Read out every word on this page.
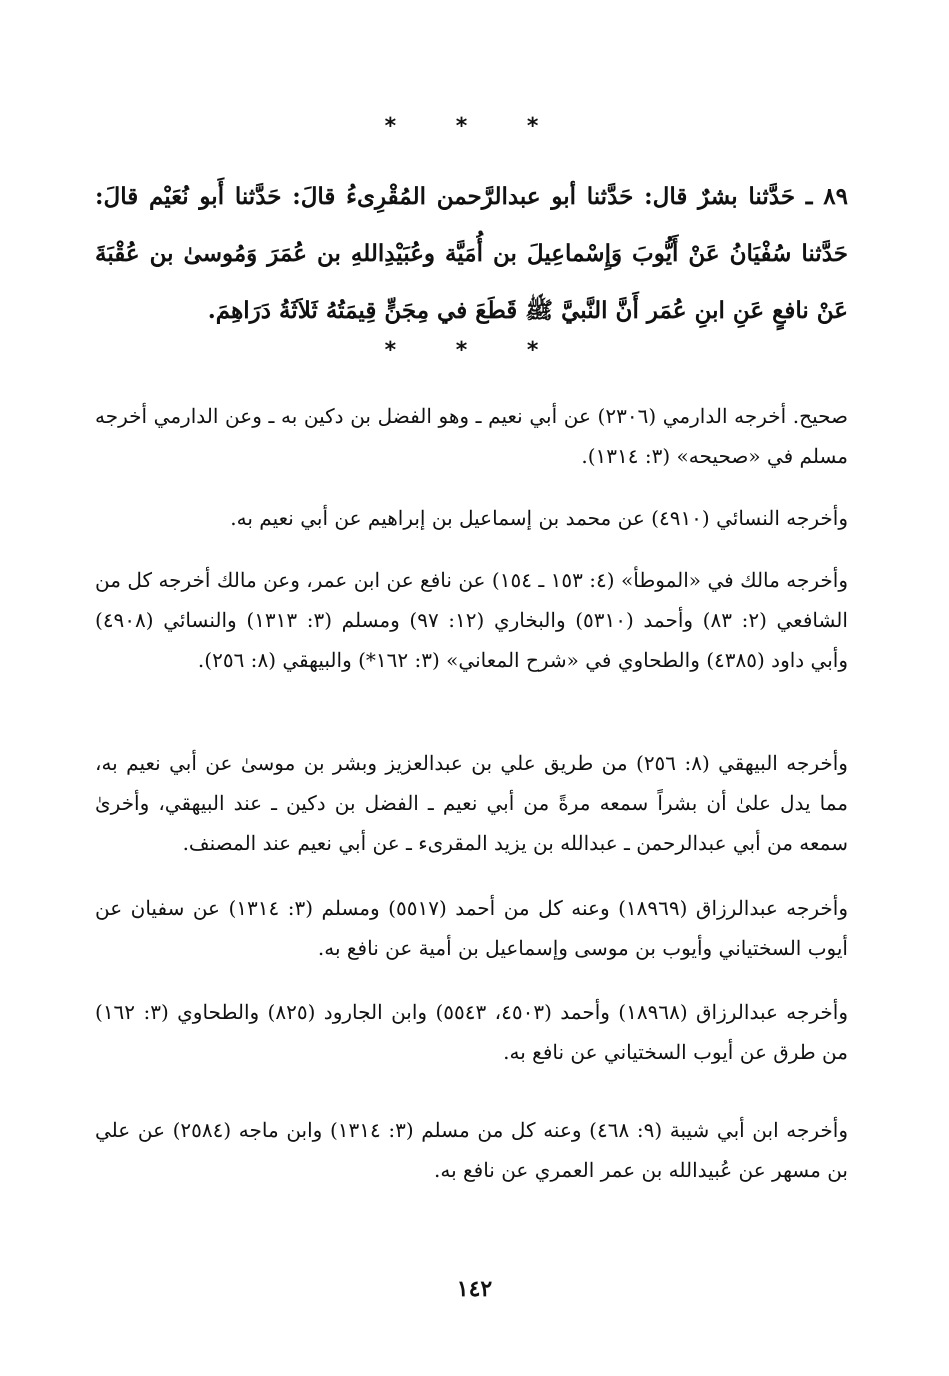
* * *
٨٩ ـ حَدَّثنا بشرٌ قال: حَدَّثنا أبو عبدالرَّحمن المُقْرِىءُ قالَ: حَدَّثنا أَبو نُعَيْم قالَ: حَدَّثنا سُفْيَانُ عَنْ أَيُّوبَ وَإِسْماعِيلَ بن أُمَيَّة وعُبَيْدِاللهِ بن عُمَرَ وَمُوسىٰ بن عُقْبَةَ عَنْ نافعٍ عَنِ ابنِ عُمَر أَنَّ النَّبيَّ ﷺ قَطَعَ في مِجَنٍّ قِيمَتُهُ ثَلاَثَةُ دَرَاهِمَ.
* * *
صحيح. أخرجه الدارمي (٢٣٠٦) عن أبي نعيم ـ وهو الفضل بن دكين به ـ وعن الدارمي أخرجه مسلم في «صحيحه» (٣: ١٣١٤).
وأخرجه النسائي (٤٩١٠) عن محمد بن إسماعيل بن إبراهيم عن أبي نعيم به.
وأخرجه مالك في «الموطأ» (٤: ١٥٣ ـ ١٥٤) عن نافع عن ابن عمر، وعن مالك أخرجه كل من الشافعي (٢: ٨٣) وأحمد (٥٣١٠) والبخاري (١٢: ٩٧) ومسلم (٣: ١٣١٣) والنسائي (٤٩٠٨) وأبي داود (٤٣٨٥) والطحاوي في «شرح المعاني» (٣: ١٦٢*) والبيهقي (٨: ٢٥٦).
وأخرجه البيهقي (٨: ٢٥٦) من طريق علي بن عبدالعزيز وبشر بن موسىٰ عن أبي نعيم به، مما يدل علىٰ أن بشراً سمعه مرةً من أبي نعيم ـ الفضل بن دكين ـ عند البيهقي، وأخرىٰ سمعه من أبي عبدالرحمن ـ عبدالله بن يزيد المقرىء ـ عن أبي نعيم عند المصنف.
وأخرجه عبدالرزاق (١٨٩٦٩) وعنه كل من أحمد (٥٥١٧) ومسلم (٣: ١٣١٤) عن سفيان عن أيوب السختياني وأيوب بن موسى وإسماعيل بن أمية عن نافع به.
وأخرجه عبدالرزاق (١٨٩٦٨) وأحمد (٤٥٠٣، ٥٥٤٣) وابن الجارود (٨٢٥) والطحاوي (٣: ١٦٢) من طرق عن أيوب السختياني عن نافع به.
وأخرجه ابن أبي شيبة (٩: ٤٦٨) وعنه كل من مسلم (٣: ١٣١٤) وابن ماجه (٢٥٨٤) عن علي بن مسهر عن عُبيدالله بن عمر العمري عن نافع به.
١٤٢
